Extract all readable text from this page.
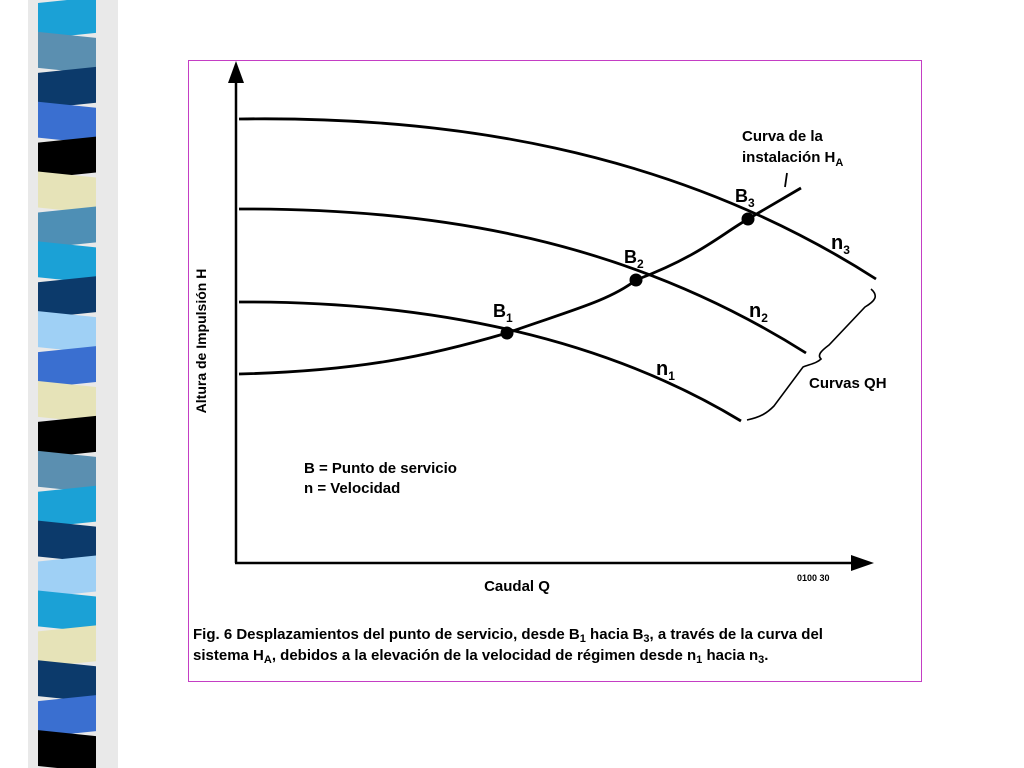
Curva de la
instalación $H_A$
$B_1$
$B_2$
$B_3$
$n_1$
$n_2$
$n_3$
Curvas QH
B = Punto de servicio
n = Velocidad
Altura de Impulsión H
Caudal Q	0100 30
Fig. 6 Desplazamientos del punto de servicio, desde $B_1$ hacia $B_3$, a través de la curva del
sistema $H_A$, debidos a la elevación de la velocidad de régimen desde $n_1$ hacia $n_3$.
